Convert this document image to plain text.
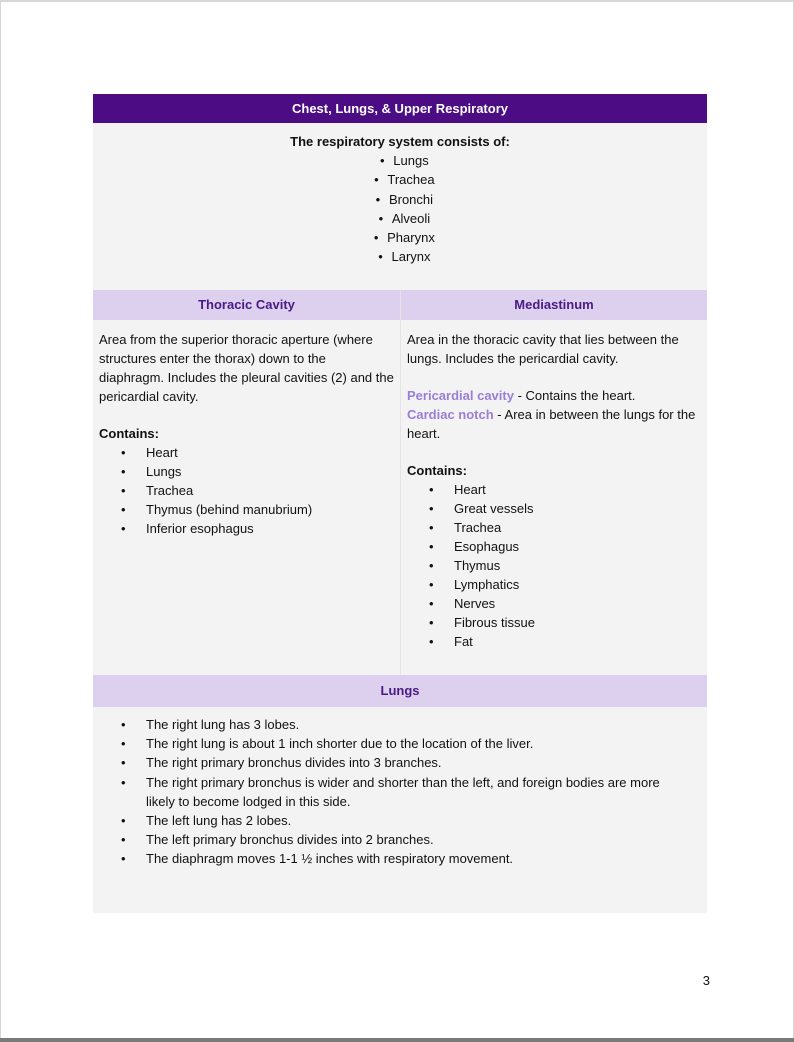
Chest, Lungs, & Upper Respiratory
The respiratory system consists of:
• Lungs
• Trachea
• Bronchi
• Alveoli
• Pharynx
• Larynx
Thoracic Cavity

Area from the superior thoracic aperture (where structures enter the thorax) down to the diaphragm. Includes the pleural cavities (2) and the pericardial cavity.

Contains:

• Heart
• Lungs
• Trachea
• Thymus (behind manubrium)
• Inferior esophagus
Mediastinum

Area in the thoracic cavity that lies between the lungs. Includes the pericardial cavity.

Pericardial cavity - Contains the heart.

Cardiac notch - Area in between the lungs for the heart.

Contains:

• Heart
• Great vessels
• Trachea
• Esophagus
• Thymus
• Lymphatics
• Nerves
• Fibrous tissue
• Fat
Lungs
• The right lung has 3 lobes.
• The right lung is about 1 inch shorter due to the location of the liver.
• The right primary bronchus divides into 3 branches.
• The right primary bronchus is wider and shorter than the left, and foreign bodies are more likely to become lodged in this side.
• The left lung has 2 lobes.
• The left primary bronchus divides into 2 branches.
• The diaphragm moves 1-1 ½ inches with respiratory movement.
3
